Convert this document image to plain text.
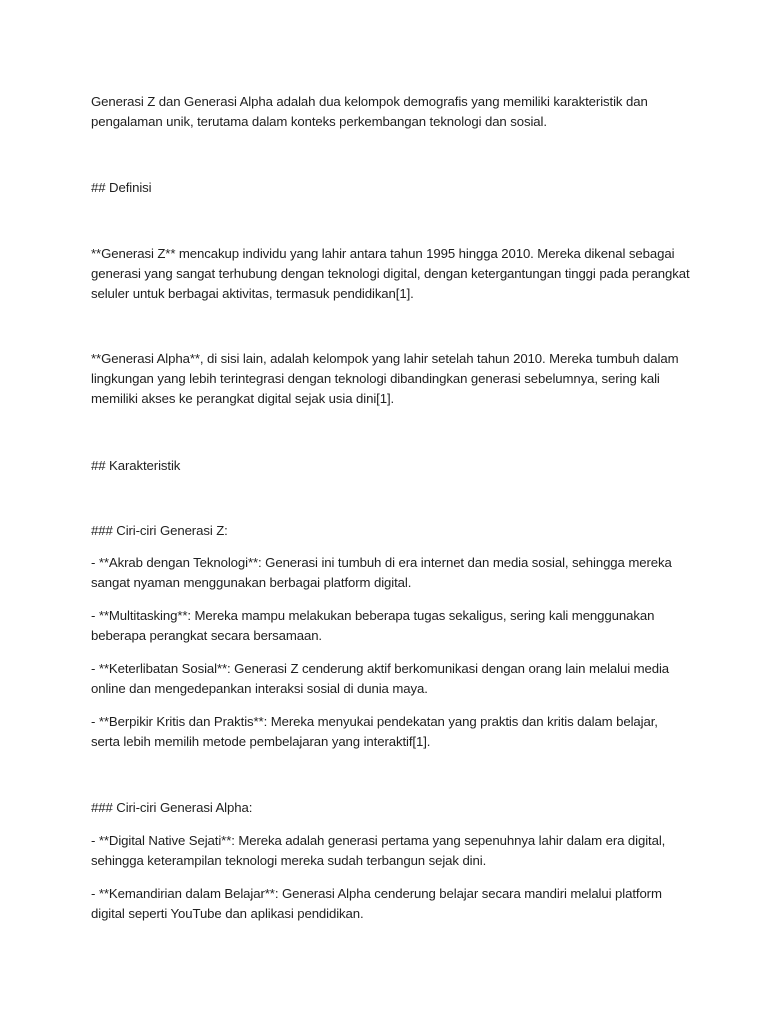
Generasi Z dan Generasi Alpha adalah dua kelompok demografis yang memiliki karakteristik dan
pengalaman unik, terutama dalam konteks perkembangan teknologi dan sosial.
## Definisi
**Generasi Z** mencakup individu yang lahir antara tahun 1995 hingga 2010. Mereka dikenal sebagai
generasi yang sangat terhubung dengan teknologi digital, dengan ketergantungan tinggi pada perangkat
seluler untuk berbagai aktivitas, termasuk pendidikan[1].
**Generasi Alpha**, di sisi lain, adalah kelompok yang lahir setelah tahun 2010. Mereka tumbuh dalam
lingkungan yang lebih terintegrasi dengan teknologi dibandingkan generasi sebelumnya, sering kali
memiliki akses ke perangkat digital sejak usia dini[1].
## Karakteristik
### Ciri-ciri Generasi Z:
- **Akrab dengan Teknologi**: Generasi ini tumbuh di era internet dan media sosial, sehingga mereka
sangat nyaman menggunakan berbagai platform digital.
- **Multitasking**: Mereka mampu melakukan beberapa tugas sekaligus, sering kali menggunakan
beberapa perangkat secara bersamaan.
- **Keterlibatan Sosial**: Generasi Z cenderung aktif berkomunikasi dengan orang lain melalui media
online dan mengedepankan interaksi sosial di dunia maya.
- **Berpikir Kritis dan Praktis**: Mereka menyukai pendekatan yang praktis dan kritis dalam belajar,
serta lebih memilih metode pembelajaran yang interaktif[1].
### Ciri-ciri Generasi Alpha:
- **Digital Native Sejati**: Mereka adalah generasi pertama yang sepenuhnya lahir dalam era digital,
sehingga keterampilan teknologi mereka sudah terbangun sejak dini.
- **Kemandirian dalam Belajar**: Generasi Alpha cenderung belajar secara mandiri melalui platform
digital seperti YouTube dan aplikasi pendidikan.
